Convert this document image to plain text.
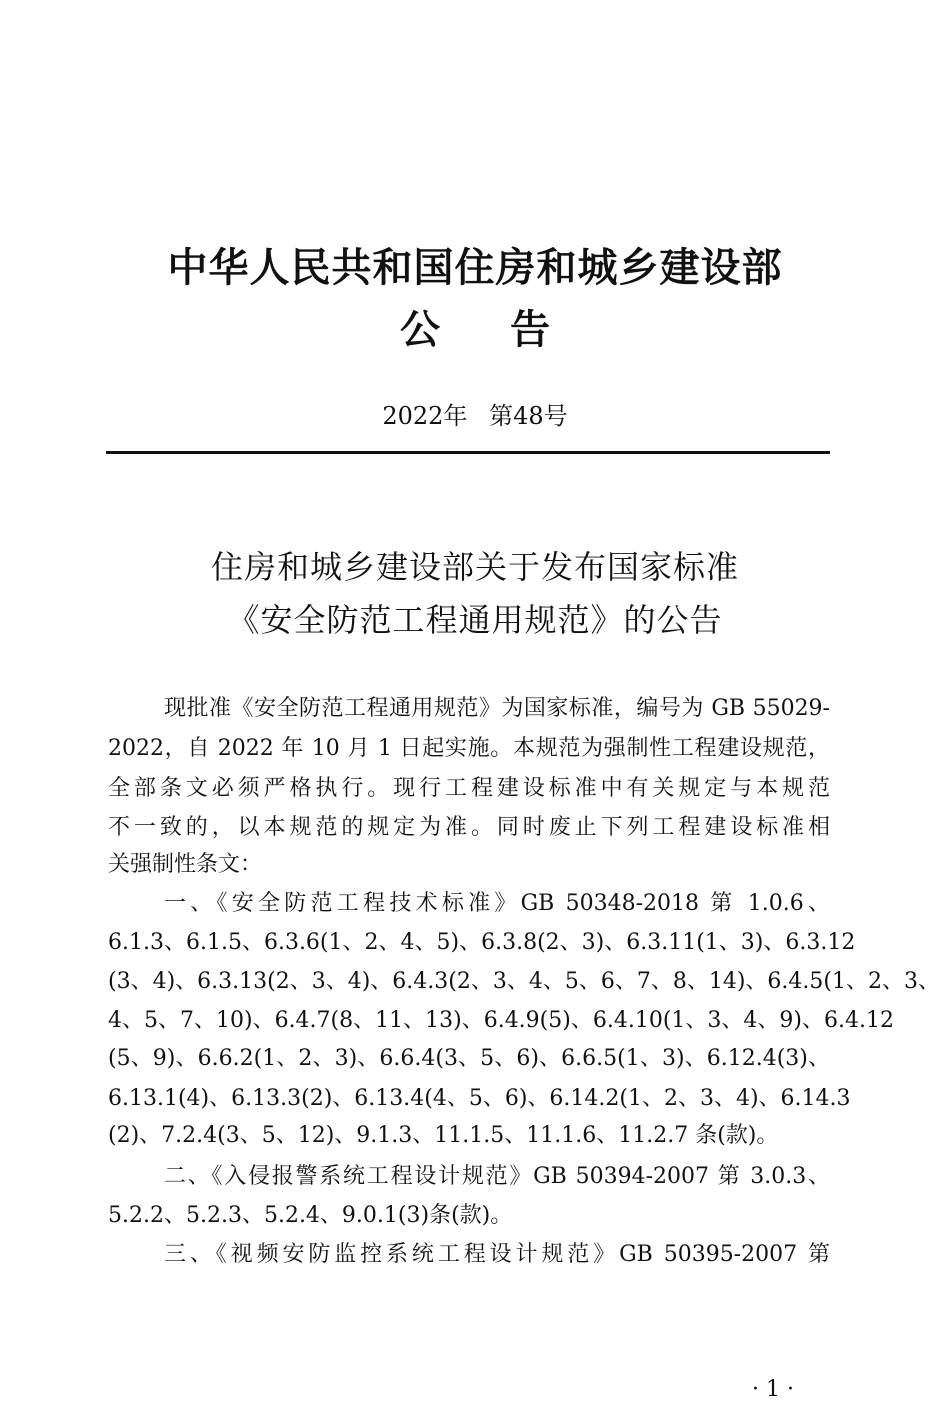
中华人民共和国住房和城乡建设部
公告
2022年 第48号
住房和城乡建设部关于发布国家标准
《安全防范工程通用规范》的公告
现批准《安全防范工程通用规范》为国家标准，编号为 GB 55029-
2022，自 2022 年 10 月 1 日起实施。本规范为强制性工程建设规范，
全部条文必须严格执行。现行工程建设标准中有关规定与本规范
不一致的，以本规范的规定为准。同时废止下列工程建设标准相
关强制性条文：
一、《安全防范工程技术标准》GB 50348-2018 第 1.0.6、
6.1.3、6.1.5、6.3.6(1、2、4、5)、6.3.8(2、3)、6.3.11(1、3)、6.3.12
(3、4)、6.3.13(2、3、4)、6.4.3(2、3、4、5、6、7、8、14)、6.4.5(1、2、3、
4、5、7、10)、6.4.7(8、11、13)、6.4.9(5)、6.4.10(1、3、4、9)、6.4.12
(5、9)、6.6.2(1、2、3)、6.6.4(3、5、6)、6.6.5(1、3)、6.12.4(3)、
6.13.1(4)、6.13.3(2)、6.13.4(4、5、6)、6.14.2(1、2、3、4)、6.14.3
(2)、7.2.4(3、5、12)、9.1.3、11.1.5、11.1.6、11.2.7 条(款)。
二、《入侵报警系统工程设计规范》GB 50394-2007 第 3.0.3、
5.2.2、5.2.3、5.2.4、9.0.1(3)条(款)。
三、《视频安防监控系统工程设计规范》GB 50395-2007 第
· 1 ·
